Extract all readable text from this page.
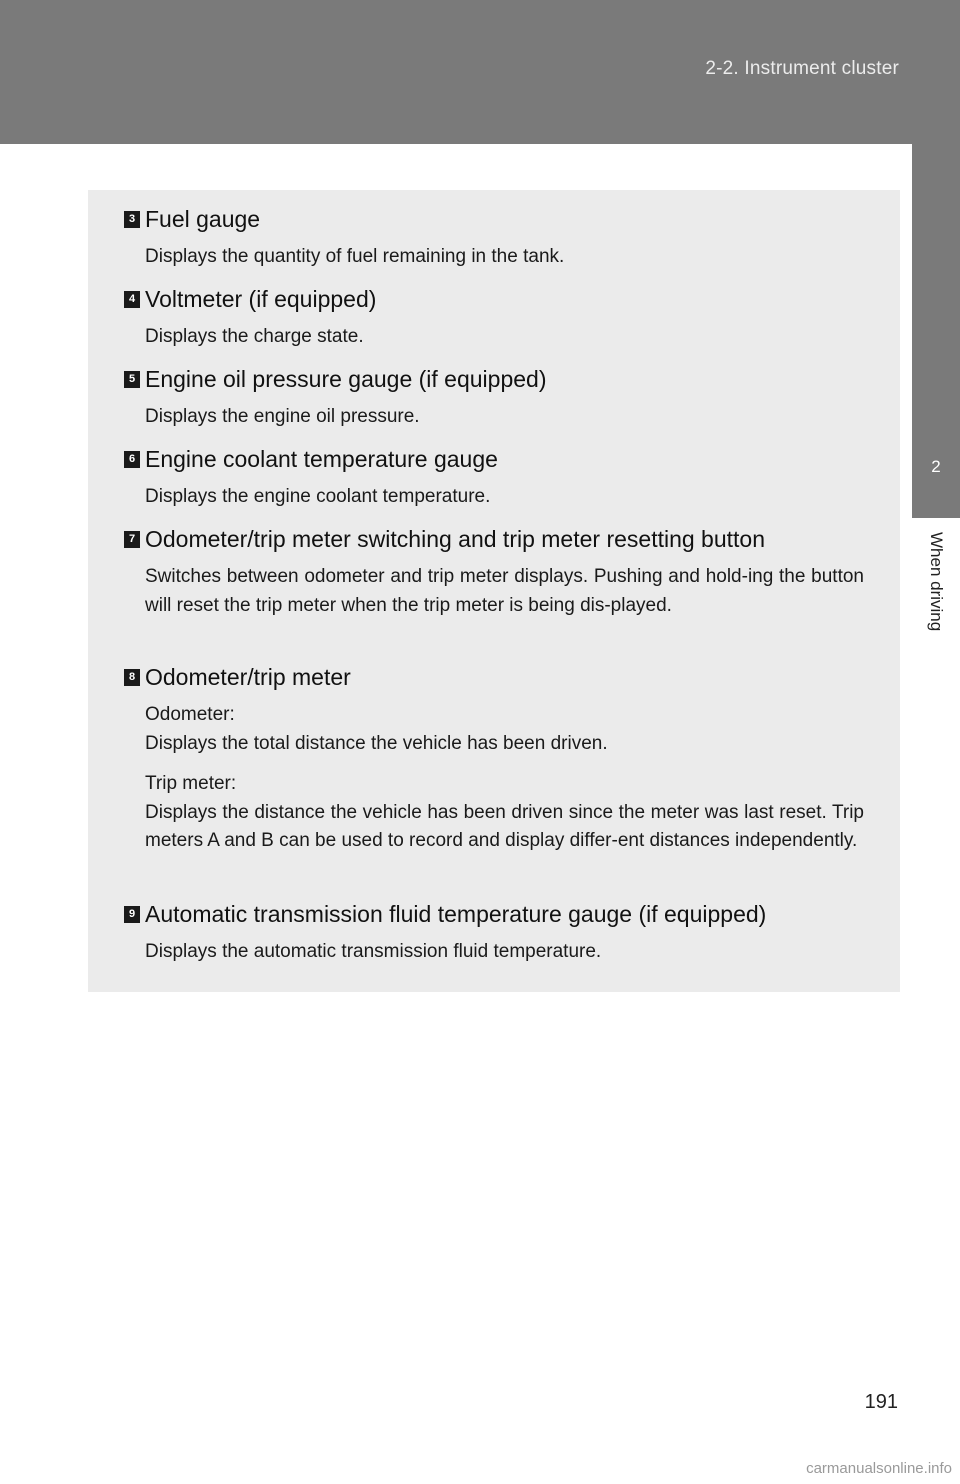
2-2. Instrument cluster
2
When driving
3 Fuel gauge
Displays the quantity of fuel remaining in the tank.
4 Voltmeter (if equipped)
Displays the charge state.
5 Engine oil pressure gauge (if equipped)
Displays the engine oil pressure.
6 Engine coolant temperature gauge
Displays the engine coolant temperature.
7 Odometer/trip meter switching and trip meter resetting button
Switches between odometer and trip meter displays. Pushing and hold-ing the button will reset the trip meter when the trip meter is being dis-played.
8 Odometer/trip meter
Odometer:
Displays the total distance the vehicle has been driven.
Trip meter:
Displays the distance the vehicle has been driven since the meter was last reset. Trip meters A and B can be used to record and display differ-ent distances independently.
9 Automatic transmission fluid temperature gauge (if equipped)
Displays the automatic transmission fluid temperature.
191
carmanualsonline.info
